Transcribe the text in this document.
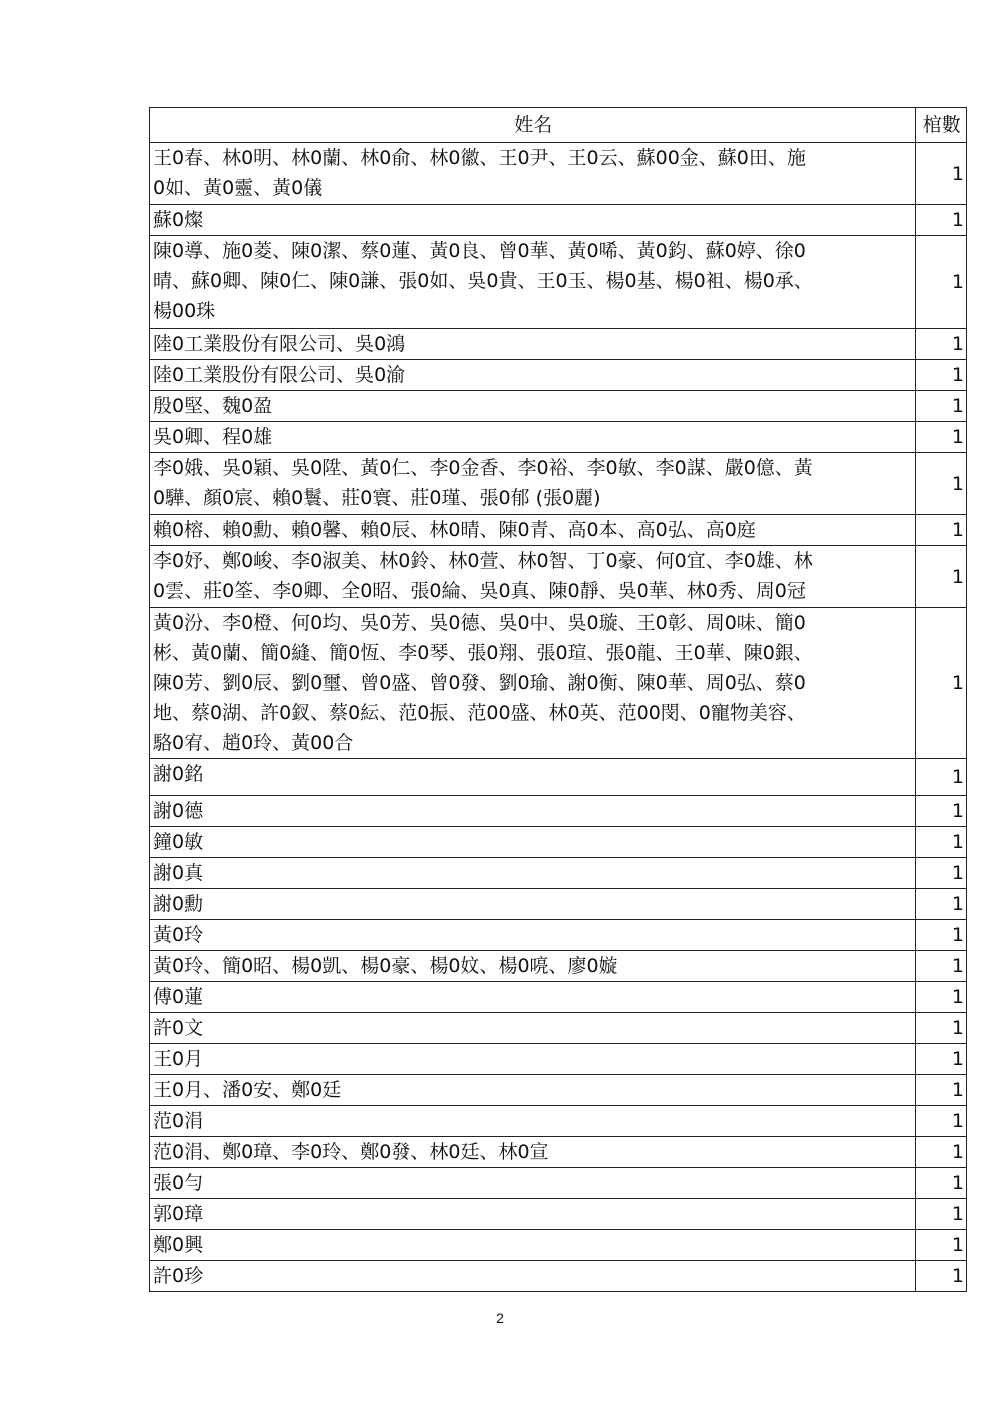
姓名	棺數
王0春、林0明、林0蘭、林0俞、林0徽、王0尹、王0云、蘇00金、蘇0田、施
0如、黃0靈、黃0儀	1
蘇0燦	1
陳0導、施0菱、陳0潔、蔡0蓮、黃0良、曾0華、黃0唏、黃0鈞、蘇0婷、徐0
晴、蘇0卿、陳0仁、陳0謙、張0如、吳0貴、王0玉、楊0基、楊0袓、楊0承、
楊00珠	1
陸0工業股份有限公司、吳0鴻	1
陸0工業股份有限公司、吳0渝	1
殷0堅、魏0盈	1
吳0卿、程0雄	1
李0娥、吳0穎、吳0陞、黃0仁、李0金香、李0裕、李0敏、李0謀、嚴0億、黃
0驊、顏0宸、賴0鬟、莊0寰、莊0瑾、張0郁 (張0麗)	1
賴0榕、賴0勳、賴0馨、賴0辰、林0晴、陳0青、高0本、高0弘、高0庭	1
李0妤、鄭0峻、李0淑美、林0鈴、林0萱、林0智、丁0豪、何0宜、李0雄、林
0雲、莊0筌、李0卿、全0昭、張0綸、吳0真、陳0靜、吳0華、林0秀、周0冠	1
黃0汾、李0橙、何0均、吳0芳、吳0德、吳0中、吳0璇、王0彰、周0味、簡0
彬、黃0蘭、簡0縫、簡0恆、李0琴、張0翔、張0瑄、張0龍、王0華、陳0銀、
陳0芳、劉0辰、劉0璽、曾0盛、曾0發、劉0瑜、謝0衡、陳0華、周0弘、蔡0
地、蔡0湖、許0釵、蔡0紜、范0振、范00盛、林0英、范00閔、0寵物美容、
駱0宥、趙0玲、黃00合	1
謝0銘	1
謝0德	1
鐘0敏	1
謝0真	1
謝0勳	1
黃0玲	1
黃0玲、簡0昭、楊0凱、楊0豪、楊0妏、楊0喨、廖0嫙	1
傅0蓮	1
許0文	1
王0月	1
王0月、潘0安、鄭0廷	1
范0涓	1
范0涓、鄭0璋、李0玲、鄭0發、林0廷、林0宣	1
張0勻	1
郭0璋	1
鄭0興	1
許0珍	1
2
